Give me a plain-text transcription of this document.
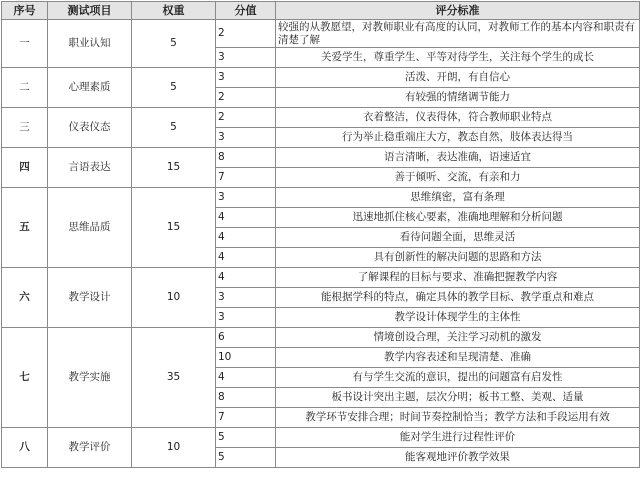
序号	测试项目	权重	分值	评分标准
一	职业认知	5	2	较强的从教愿望，对教师职业有高度的认同，对教师工作的基本内容和职责有清楚了解
			3	关爱学生，尊重学生、平等对待学生，关注每个学生的成长
二	心理素质	5	3	活泼、开朗，有自信心
			2	有较强的情绪调节能力
三	仪表仪态	5	2	衣着整洁，仪表得体，符合教师职业特点
			3	行为举止稳重端庄大方，教态自然，肢体表达得当
四	言语表达	15	8	语言清晰，表达准确，语速适宜
			7	善于倾听、交流，有亲和力
五	思维品质	15	3	思维缜密，富有条理
			4	迅速地抓住核心要素，准确地理解和分析问题
			4	看待问题全面，思维灵活
			4	具有创新性的解决问题的思路和方法
六	教学设计	10	4	了解课程的目标与要求、准确把握教学内容
			3	能根据学科的特点，确定具体的教学目标、教学重点和难点
			3	教学设计体现学生的主体性
七	教学实施	35	6	情境创设合理，关注学习动机的激发
			10	教学内容表述和呈现清楚、准确
			4	有与学生交流的意识，提出的问题富有启发性
			8	板书设计突出主题，层次分明；板书工整、美观、适量
			7	教学环节安排合理；时间节奏控制恰当；教学方法和手段运用有效
八	教学评价	10	5	能对学生进行过程性评价
			5	能客观地评价教学效果
